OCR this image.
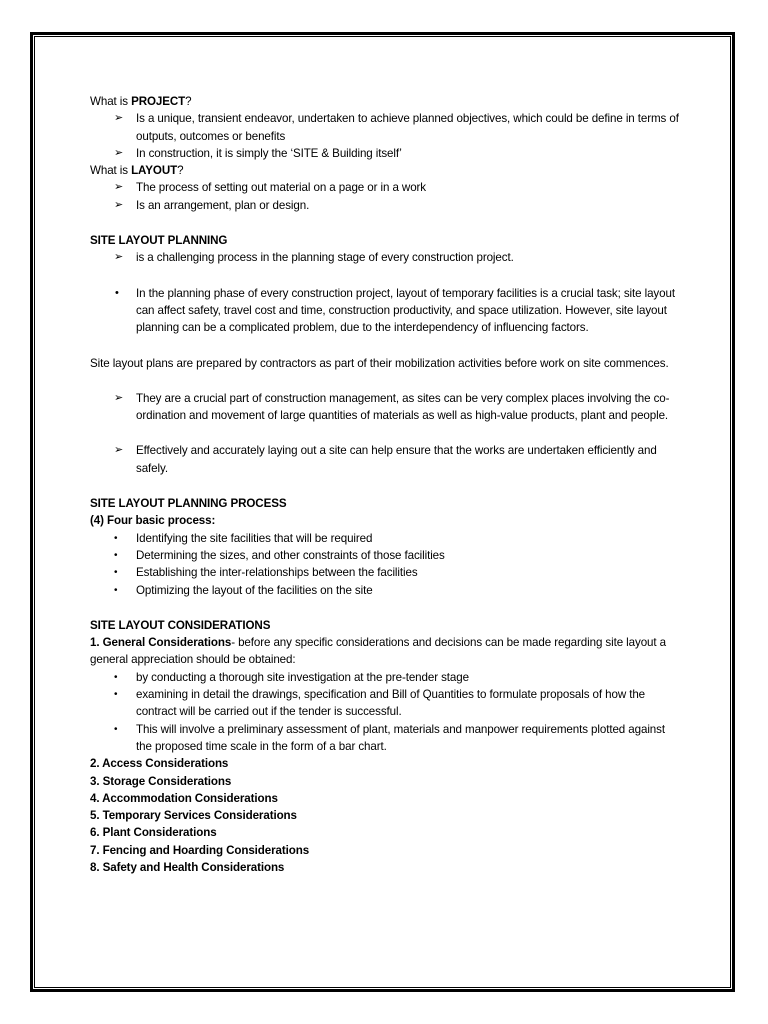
What is PROJECT?

➢ Is a unique, transient endeavor, undertaken to achieve planned objectives, which could be define in terms of outputs, outcomes or benefits
➢ In construction, it is simply the ‘SITE & Building itself’

What is LAYOUT?

➢ The process of setting out material on a page or in a work
➢ Is an arrangement, plan or design.

SITE LAYOUT PLANNING

➢ is a challenging process in the planning stage of every construction project.
• In the planning phase of every construction project, layout of temporary facilities is a crucial task; site layout can affect safety, travel cost and time, construction productivity, and space utilization. However, site layout planning can be a complicated problem, due to the interdependency of influencing factors.

Site layout plans are prepared by contractors as part of their mobilization activities before work on site commences.

➢ They are a crucial part of construction management, as sites can be very complex places involving the co-ordination and movement of large quantities of materials as well as high-value products, plant and people.
➢ Effectively and accurately laying out a site can help ensure that the works are undertaken efficiently and safely.

SITE LAYOUT PLANNING PROCESS

(4) Four basic process:

• Identifying the site facilities that will be required
• Determining the sizes, and other constraints of those facilities
• Establishing the inter-relationships between the facilities
• Optimizing the layout of the facilities on the site

SITE LAYOUT CONSIDERATIONS

1. General Considerations- before any specific considerations and decisions can be made regarding site layout a general appreciation should be obtained:

• by conducting a thorough site investigation at the pre-tender stage
• examining in detail the drawings, specification and Bill of Quantities to formulate proposals of how the contract will be carried out if the tender is successful.
• This will involve a preliminary assessment of plant, materials and manpower requirements plotted against the proposed time scale in the form of a bar chart.

2. Access Considerations

3. Storage Considerations

4. Accommodation Considerations

5. Temporary Services Considerations

6. Plant Considerations

7. Fencing and Hoarding Considerations

8. Safety and Health Considerations
